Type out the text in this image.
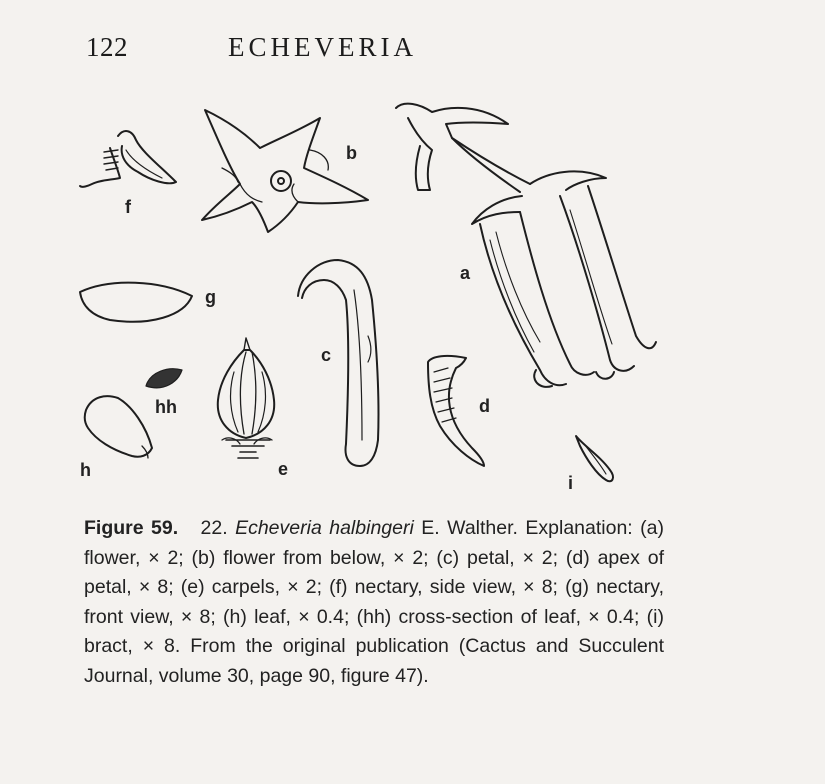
122	ECHEVERIA
f
b
a
g
c
hh	d
h	e
i
Figure 59. 22. Echeveria halbingeri E. Walther. Explanation: (a) flower, × 2; (b) flower from below, × 2; (c) petal, × 2; (d) apex of petal, × 8; (e) carpels, × 2; (f) nectary, side view, × 8; (g) nectary, front view, × 8; (h) leaf, × 0.4; (hh) cross-section of leaf, × 0.4; (i) bract, × 8. From the original publication (Cactus and Succulent Journal, volume 30, page 90, figure 47).
